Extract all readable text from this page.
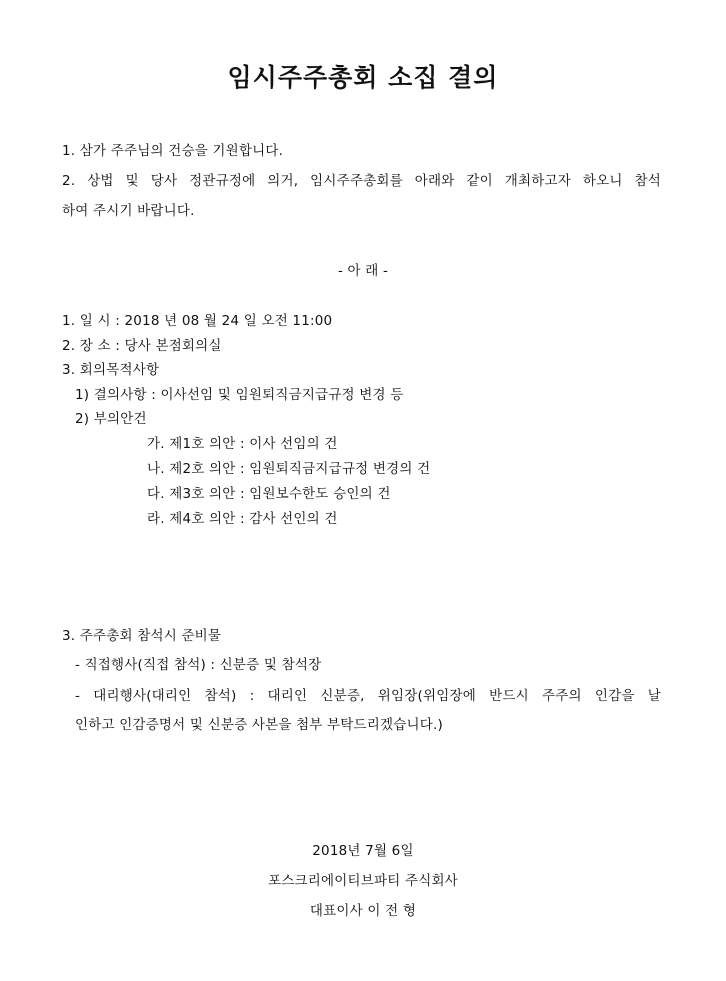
임시주주총회 소집 결의
1. 삼가 주주님의 건승을 기원합니다.
2. 상법 및 당사 정관규정에 의거, 임시주주총회를 아래와 같이 개최하고자 하오니 참석
하여 주시기 바랍니다.
- 아 래 -
1. 일 시 : 2018 년 08 월 24 일 오전 11:00
2. 장 소 : 당사 본점회의실
3. 회의목적사항
1) 결의사항 : 이사선임 및 임원퇴직금지급규정 변경 등
2) 부의안건
가. 제1호 의안 : 이사 선임의 건
나. 제2호 의안 : 임원퇴직금지급규정 변경의 건
다. 제3호 의안 : 임원보수한도 승인의 건
라. 제4호 의안 : 감사 선인의 건
3. 주주총회 참석시 준비물
- 직접행사(직접 참석) : 신분증 및 참석장
- 대리행사(대리인 참석) : 대리인 신분증, 위임장(위임장에 반드시 주주의 인감을 날
인하고 인감증명서 및 신분증 사본을 첨부 부탁드리겠습니다.)
2018년 7월 6일
포스크리에이티브파티 주식회사
대표이사 이 전 형
